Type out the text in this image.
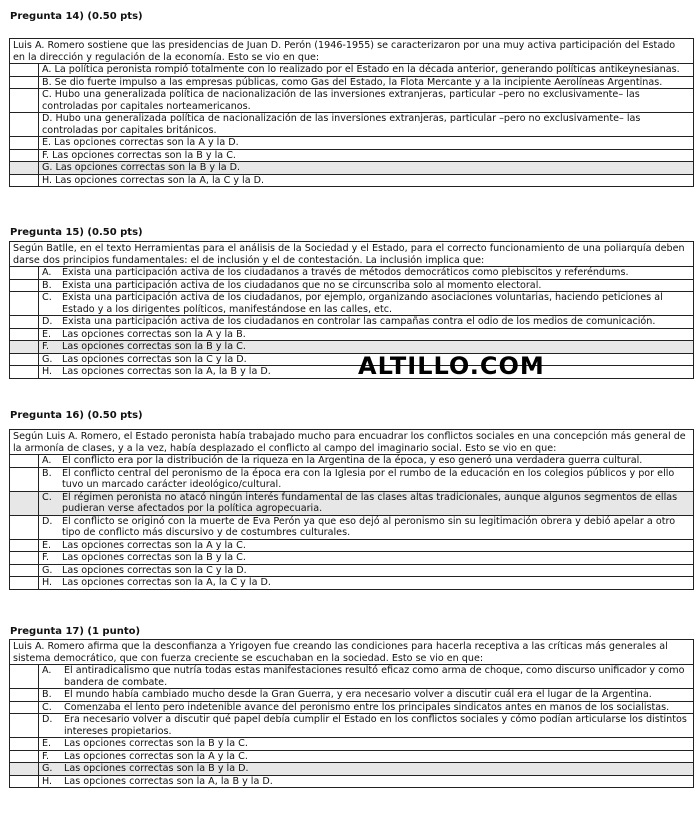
Pregunta 14) (0.50 pts)
Luis A. Romero sostiene que las presidencias de Juan D. Perón (1946-1955) se caracterizaron por una muy activa participación del Estado en la dirección y regulación de la economía. Esto se vio en que:
A. La política peronista rompió totalmente con lo realizado por el Estado en la década anterior, generando políticas antikeynesianas.
B. Se dio fuerte impulso a las empresas públicas, como Gas del Estado, la Flota Mercante y a la incipiente Aerolíneas Argentinas.
C. Hubo una generalizada política de nacionalización de las inversiones extranjeras, particular –pero no exclusivamente– las controladas por capitales norteamericanos.
D. Hubo una generalizada política de nacionalización de las inversiones extranjeras, particular –pero no exclusivamente– las controladas por capitales británicos.
E. Las opciones correctas son la A y la D.
F. Las opciones correctas son la B y la C.
G. Las opciones correctas son la B y la D.
H. Las opciones correctas son la A, la C y la D.
Pregunta 15) (0.50 pts)
Según Batlle, en el texto Herramientas para el análisis de la Sociedad y el Estado, para el correcto funcionamiento de una poliarquía deben darse dos principios fundamentales: el de inclusión y el de contestación. La inclusión implica que:
A.	Exista una participación activa de los ciudadanos a través de métodos democráticos como plebiscitos y referéndums.
B.	Exista una participación activa de los ciudadanos que no se circunscriba solo al momento electoral.
C.	Exista una participación activa de los ciudadanos, por ejemplo, organizando asociaciones voluntarias, haciendo peticiones al Estado y a los dirigentes políticos, manifestándose en las calles, etc.
D. Exista una participación activa de los ciudadanos en controlar las campañas contra el odio de los medios de comunicación.
E.	Las opciones correctas son la A y la B.
F.	Las opciones correctas son la B y la C.
G. Las opciones correctas son la C y la D.
H.	Las opciones correctas son la A, la B y la D.	ALTILLO.COM
Pregunta 16) (0.50 pts)
Según Luis A. Romero, el Estado peronista había trabajado mucho para encuadrar los conflictos sociales en una concepción más general de la armonía de clases, y a la vez, había desplazado el conflicto al campo del imaginario social. Esto se vio en que:
A.	El conflicto era por la distribución de la riqueza en la Argentina de la época, y eso generó una verdadera guerra cultural.
B.	El conflicto central del peronismo de la época era con la Iglesia por el rumbo de la educación en los colegios públicos y por ello tuvo un marcado carácter ideológico/cultural.
C.	El régimen peronista no atacó ningún interés fundamental de las clases altas tradicionales, aunque algunos segmentos de ellas pudieran verse afectados por la política agropecuaria.
D. El conflicto se originó con la muerte de Eva Perón ya que eso dejó al peronismo sin su legitimación obrera y debió apelar a otro tipo de conflicto más discursivo y de costumbres culturales.
E.	Las opciones correctas son la A y la C.
F.	Las opciones correctas son la B y la C.
G. Las opciones correctas son la C y la D.
H.	Las opciones correctas son la A, la C y la D.
Pregunta 17) (1 punto)
Luis A. Romero afirma que la desconfianza a Yrigoyen fue creando las condiciones para hacerla receptiva a las críticas más generales al sistema democrático, que con fuerza creciente se escuchaban en la sociedad. Esto se vio en que:
A.	El antiradicalismo que nutría todas estas manifestaciones resultó eficaz como arma de choque, como discurso unificador y como bandera de combate.
B.	El mundo había cambiado mucho desde la Gran Guerra, y era necesario volver a discutir cuál era el lugar de la Argentina.
C.	Comenzaba el lento pero indetenible avance del peronismo entre los principales sindicatos antes en manos de los socialistas.
D.	Era necesario volver a discutir qué papel debía cumplir el Estado en los conflictos sociales y cómo podían articularse los distintos intereses propietarios.
E.	Las opciones correctas son la B y la C.
F.	Las opciones correctas son la A y la C.
G.	Las opciones correctas son la B y la D.
H.	Las opciones correctas son la A, la B y la D.
